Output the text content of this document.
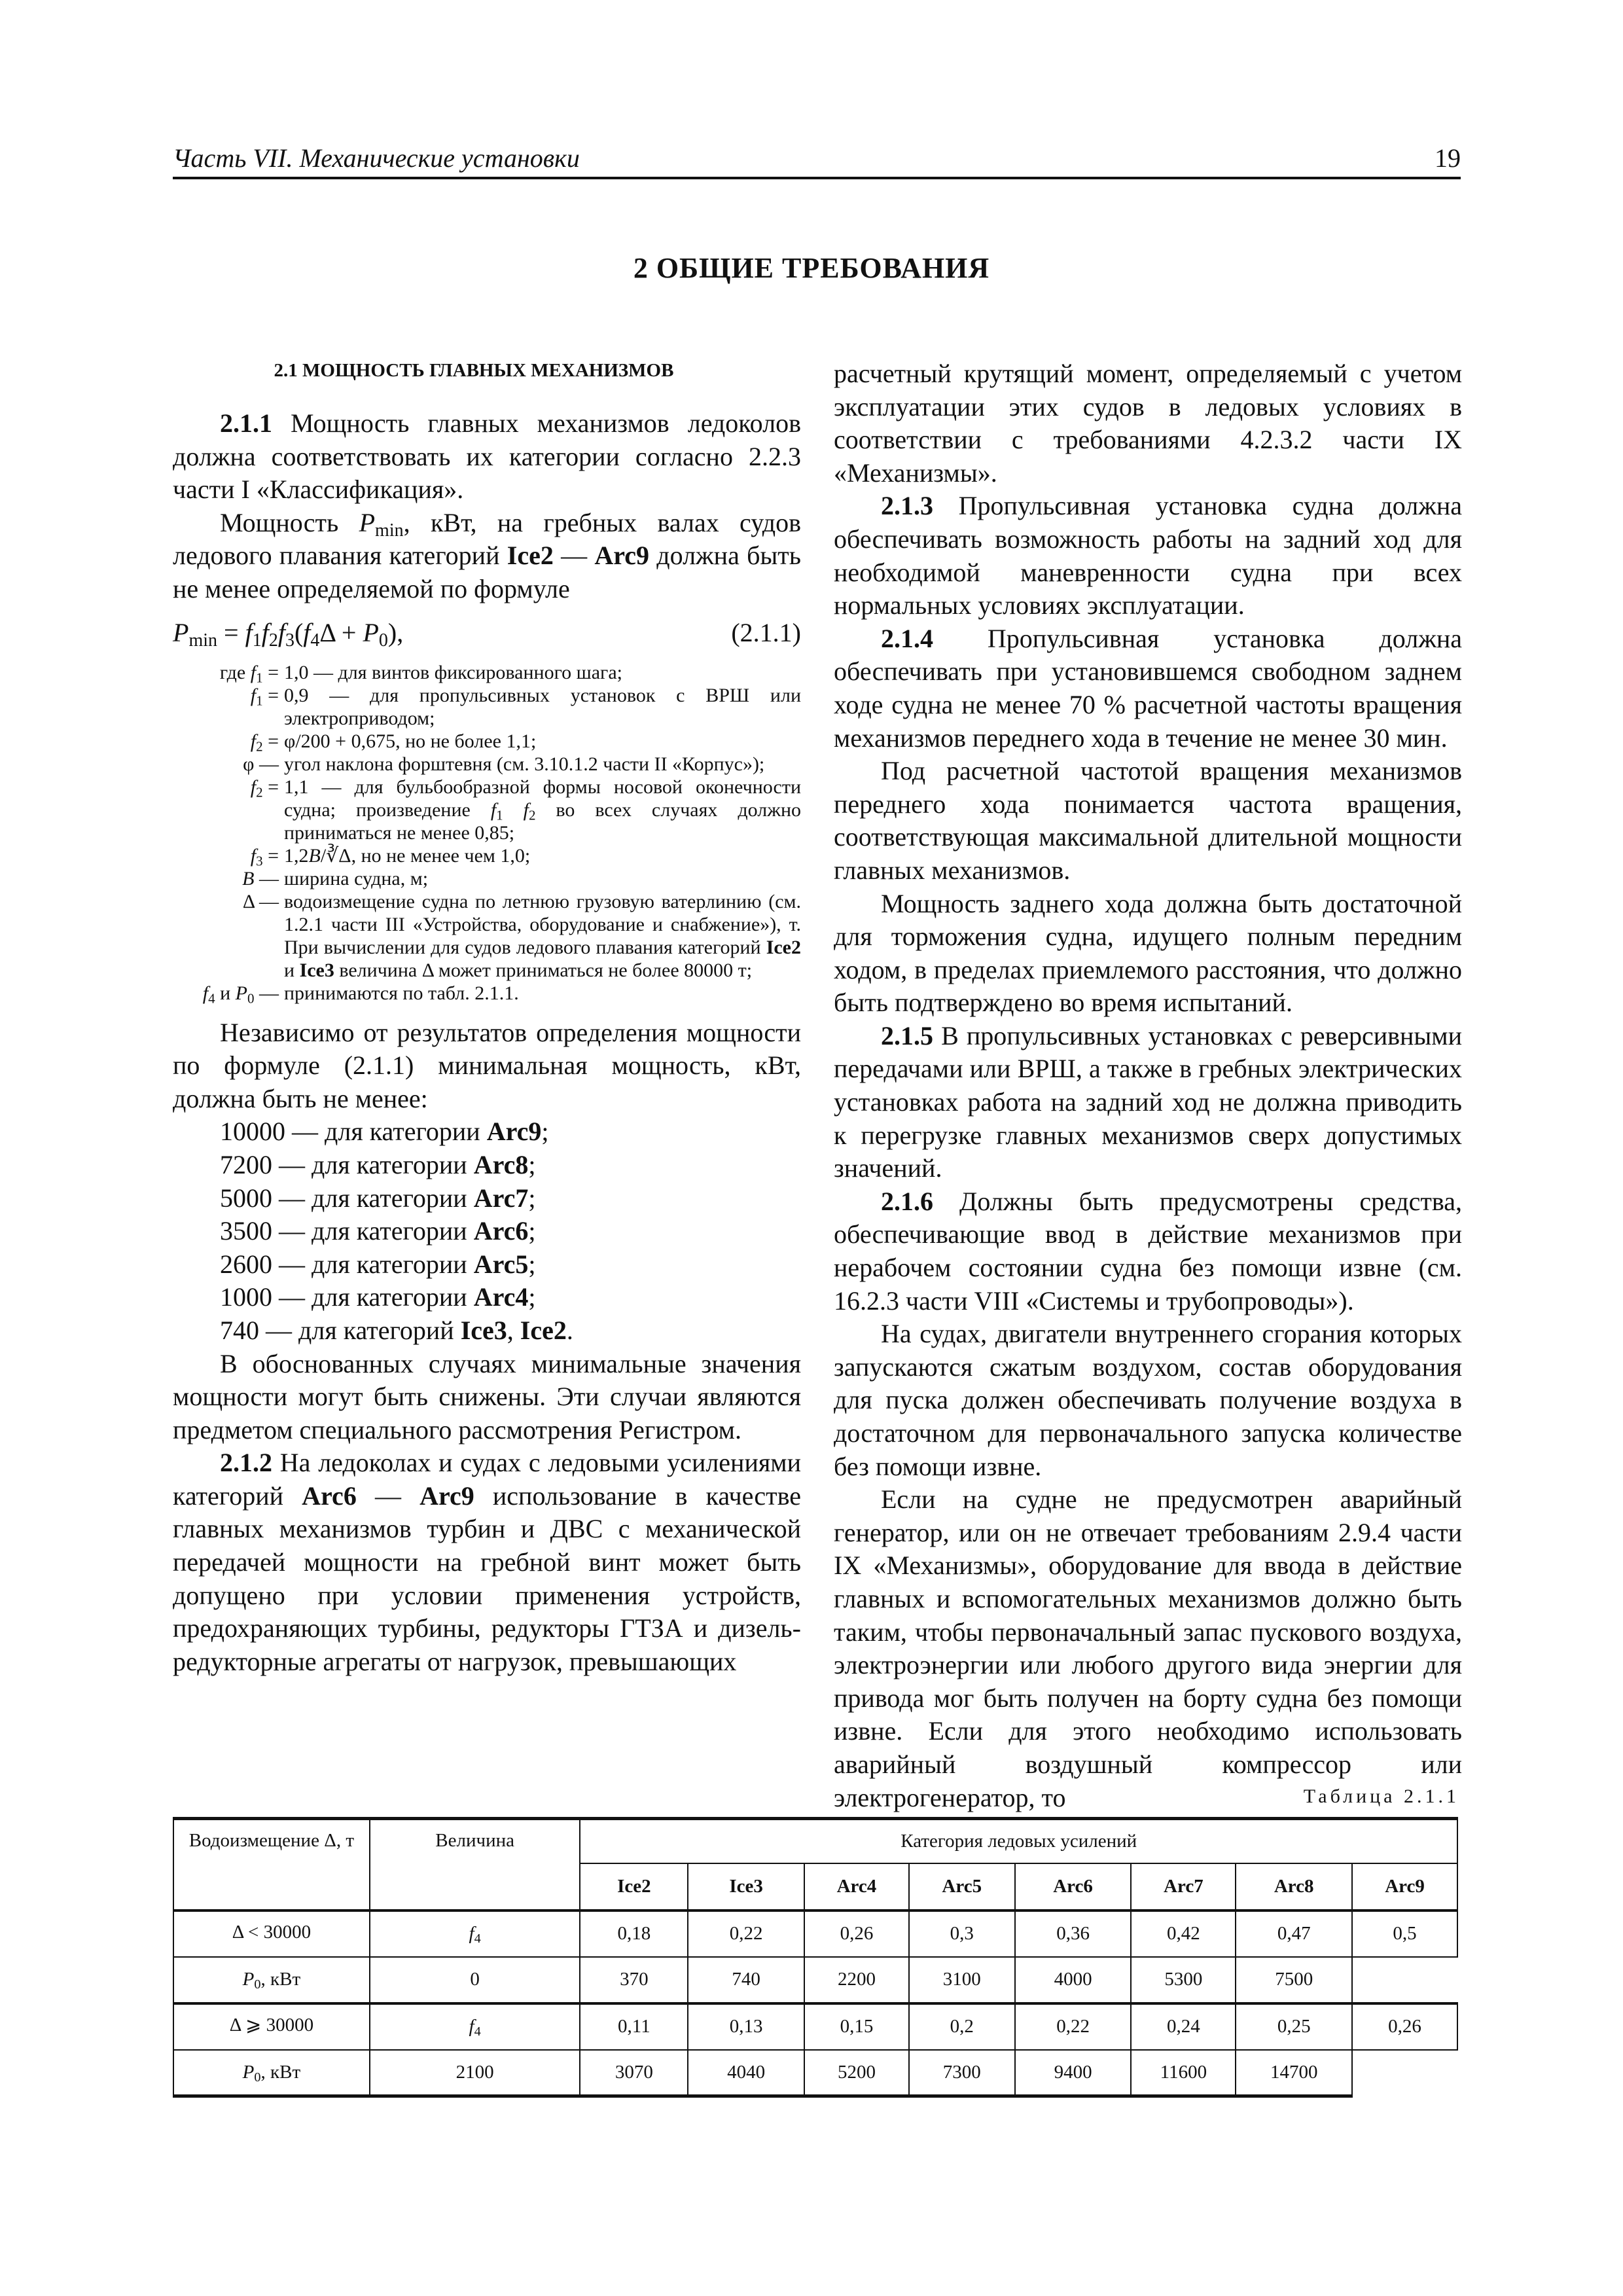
Часть VII. Механические установки	19
2 ОБЩИЕ ТРЕБОВАНИЯ
2.1 МОЩНОСТЬ ГЛАВНЫХ МЕХАНИЗМОВ

2.1.1 Мощность главных механизмов ледоколов должна соответствовать их категории согласно 2.2.3 части I «Классификация».

Мощность $P_{min}$, кВт, на гребных валах судов ледового плавания категорий Ice2 — Arc9 должна быть не менее определяемой по формуле

$P_{min} = f_1f_2f_3(f_4\Delta + P_0)$,	(2.1.1)
где $f_1 = 1,0$ — для винтов фиксированного шага;
$f_1 = 0,9$ — для пропульсивных установок с ВРШ или электроприводом;
$f_2 = \varphi/200 + 0,675$, но не более 1,1;
φ — угол наклона форштевня (см. 3.10.1.2 части II «Корпус»);
$f_2 = 1,1$ — для бульбообразной формы носовой оконечности судна; произведение $f_1$ $f_2$ во всех случаях должно приниматься не менее 0,85;
$f_3$ = 1,2B/∛Δ, но не менее чем 1,0;
B — ширина судна, м;
Δ — водоизмещение судна по летнюю грузовую ватерлинию (см. 1.2.1 части III «Устройства, оборудование и снабжение»), т. При вычислении для судов ледового плавания категорий Ice2 и Ice3 величина Δ может приниматься не более 80000 т;
$f_4$ и $P_0$ — принимаются по табл. 2.1.1.

Независимо от результатов определения мощности по формуле (2.1.1) минимальная мощность, кВт, должна быть не менее:

10000 — для категории Arc9;
7200 — для категории Arc8;
5000 — для категории Arc7;
3500 — для категории Arc6;
2600 — для категории Arc5;
1000 — для категории Arc4;
740 — для категорий Ice3, Ice2.

В обоснованных случаях минимальные значения мощности могут быть снижены. Эти случаи являются предметом специального рассмотрения Регистром.

2.1.2 На ледоколах и судах с ледовыми усилениями категорий Arc6 — Arc9 использование в качестве главных механизмов турбин и ДВС с механической передачей мощности на гребной винт может быть допущено при условии применения устройств, предохраняющих турбины, редукторы ГТЗА и дизель-редукторные агрегаты от нагрузок, превышающих

расчетный крутящий момент, определяемый с учетом эксплуатации этих судов в ледовых условиях в соответствии с требованиями 4.2.3.2 части IX «Механизмы».

2.1.3 Пропульсивная установка судна должна обеспечивать возможность работы на задний ход для необходимой маневренности судна при всех нормальных условиях эксплуатации.

2.1.4 Пропульсивная установка должна обеспечивать при установившемся свободном заднем ходе судна не менее 70 % расчетной частоты вращения механизмов переднего хода в течение не менее 30 мин.

Под расчетной частотой вращения механизмов переднего хода понимается частота вращения, соответствующая максимальной длительной мощности главных механизмов.

Мощность заднего хода должна быть достаточной для торможения судна, идущего полным передним ходом, в пределах приемлемого расстояния, что должно быть подтверждено во время испытаний.

2.1.5 В пропульсивных установках с реверсивными передачами или ВРШ, а также в гребных электрических установках работа на задний ход не должна приводить к перегрузке главных механизмов сверх допустимых значений.

2.1.6 Должны быть предусмотрены средства, обеспечивающие ввод в действие механизмов при нерабочем состоянии судна без помощи извне (см. 16.2.3 части VIII «Системы и трубопроводы»).

На судах, двигатели внутреннего сгорания которых запускаются сжатым воздухом, состав оборудования для пуска должен обеспечивать получение воздуха в достаточном для первоначального запуска количестве без помощи извне.

Если на судне не предусмотрен аварийный генератор, или он не отвечает требованиям 2.9.4 части IX «Механизмы», оборудование для ввода в действие главных и вспомогательных механизмов должно быть таким, чтобы первоначальный запас пускового воздуха, электроэнергии или любого другого вида энергии для привода мог быть получен на борту судна без помощи извне. Если для этого необходимо использовать аварийный воздушный компрессор или электрогенератор, то	Таблица 2.1.1
Водоизмещение Δ, т	Величина	Категория ледовых усилений							
		Ice2	Ice3	Arc4	Arc5	Arc6	Arc7	Arc8	Arc9
Δ < 30000	$f_4$	0,18	0,22	0,26	0,3	0,36	0,42	0,47	0,5
$P_0$, кВт	0	370	740	2200	3100	4000	5300	7500	
Δ ⩾ 30000	$f_4$	0,11	0,13	0,15	0,2	0,22	0,24	0,25	0,26
$P_0$, кВт	2100	3070	4040	5200	7300	9400	11600	14700	
